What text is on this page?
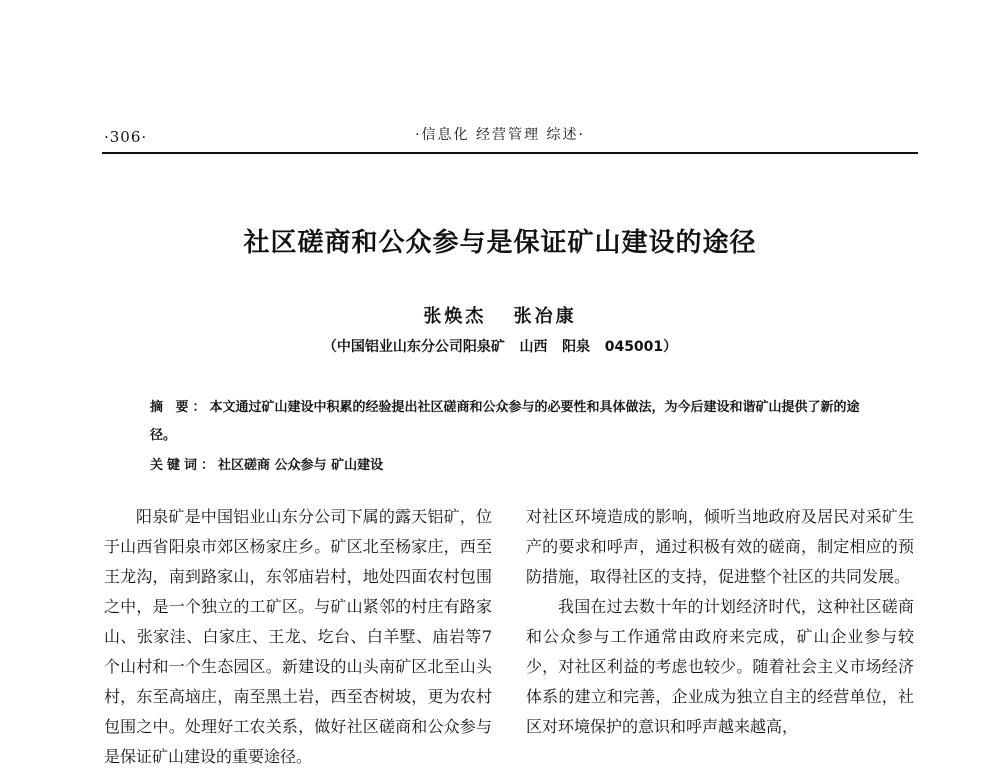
·306·	·信息化 经营管理 综述·
社区磋商和公众参与是保证矿山建设的途径
张焕杰 张冶康
（中国铝业山东分公司阳泉矿   山西   阳泉   045001）
摘 要：本文通过矿山建设中积累的经验提出社区磋商和公众参与的必要性和具体做法，为今后建设和谐矿山提供了新的途径。
关键词：社区磋商 公众参与 矿山建设

阳泉矿是中国铝业山东分公司下属的露天铝矿，位于山西省阳泉市郊区杨家庄乡。矿区北至杨家庄，西至王龙沟，南到路家山，东邻庙岩村，地处四面农村包围之中，是一个独立的工矿区。与矿山紧邻的村庄有路家山、张家洼、白家庄、王龙、圪台、白羊墅、庙岩等7个山村和一个生态园区。新建设的山头南矿区北至山头村，东至高垴庄，南至黑土岩，西至杏树坡，更为农村包围之中。处理好工农关系，做好社区磋商和公众参与是保证矿山建设的重要途径。

对社区环境造成的影响，倾听当地政府及居民对采矿生产的要求和呼声，通过积极有效的磋商，制定相应的预防措施，取得社区的支持，促进整个社区的共同发展。

我国在过去数十年的计划经济时代，这种社区磋商和公众参与工作通常由政府来完成，矿山企业参与较少，对社区利益的考虑也较少。随着社会主义市场经济体系的建立和完善，企业成为独立自主的经营单位，社区对环境保护的意识和呼声越来越高，
